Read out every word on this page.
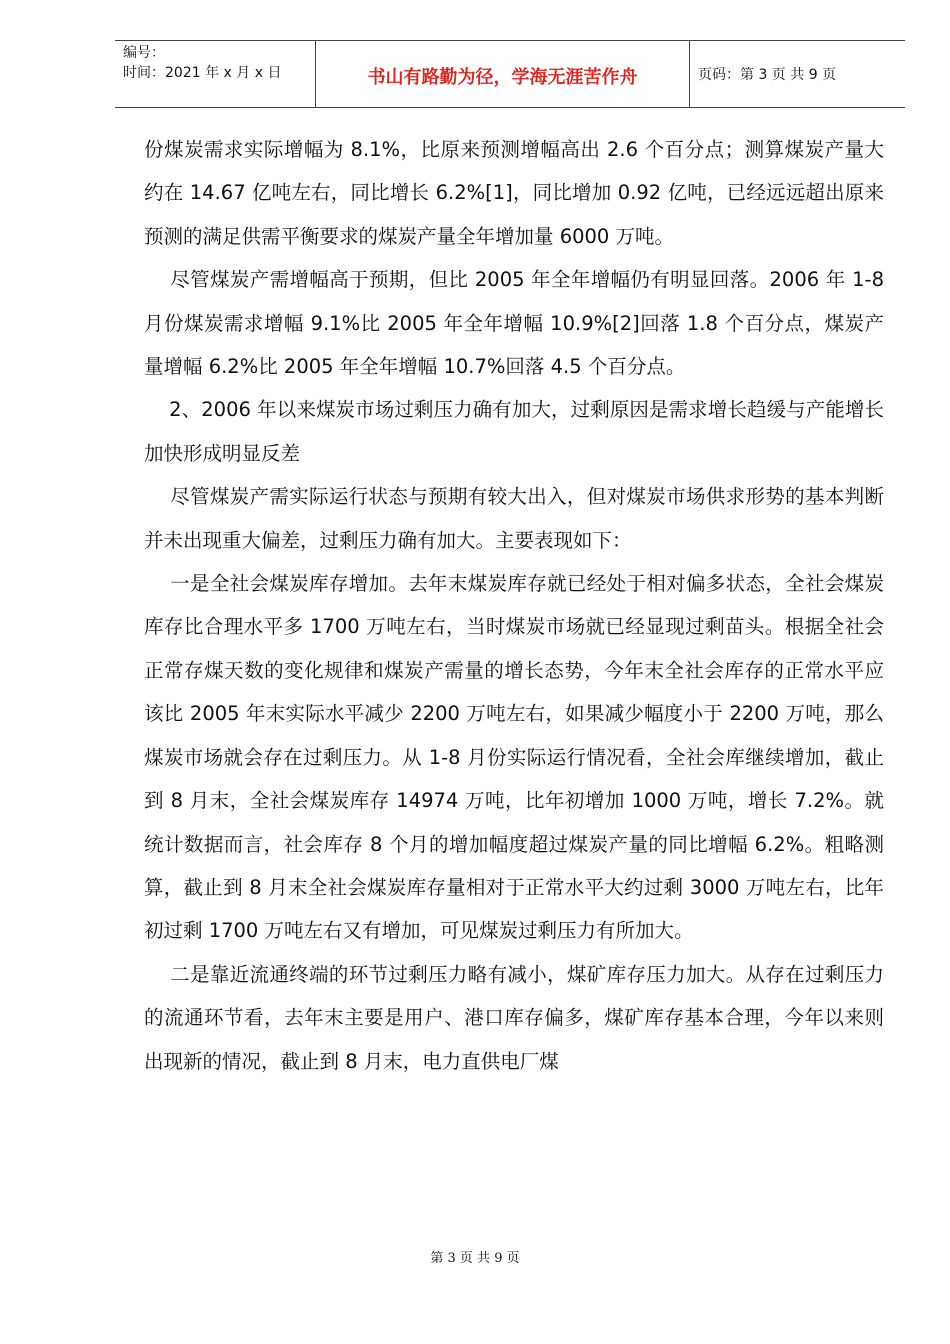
编号：
时间：2021 年 x 月 x 日	书山有路勤为径，学海无涯苦作舟	页码：第 3 页 共 9 页

份煤炭需求实际增幅为 8.1%，比原来预测增幅高出 2.6 个百分点；测算煤炭产量大约在 14.67 亿吨左右，同比增长 6.2%[1]，同比增加 0.92 亿吨，已经远远超出原来预测的满足供需平衡要求的煤炭产量全年增加量 6000 万吨。

尽管煤炭产需增幅高于预期，但比 2005 年全年增幅仍有明显回落。2006 年 1-8 月份煤炭需求增幅 9.1%比 2005 年全年增幅 10.9%[2]回落 1.8 个百分点，煤炭产量增幅 6.2%比 2005 年全年增幅 10.7%回落 4.5 个百分点。

2、2006 年以来煤炭市场过剩压力确有加大，过剩原因是需求增长趋缓与产能增长加快形成明显反差

尽管煤炭产需实际运行状态与预期有较大出入，但对煤炭市场供求形势的基本判断并未出现重大偏差，过剩压力确有加大。主要表现如下：

一是全社会煤炭库存增加。去年末煤炭库存就已经处于相对偏多状态，全社会煤炭库存比合理水平多 1700 万吨左右，当时煤炭市场就已经显现过剩苗头。根据全社会正常存煤天数的变化规律和煤炭产需量的增长态势，今年末全社会库存的正常水平应该比 2005 年末实际水平减少 2200 万吨左右，如果减少幅度小于 2200 万吨，那么煤炭市场就会存在过剩压力。从 1-8 月份实际运行情况看，全社会库继续增加，截止到 8 月末，全社会煤炭库存 14974 万吨，比年初增加 1000 万吨，增长 7.2%。就统计数据而言，社会库存 8 个月的增加幅度超过煤炭产量的同比增幅 6.2%。粗略测算，截止到 8 月末全社会煤炭库存量相对于正常水平大约过剩 3000 万吨左右，比年初过剩 1700 万吨左右又有增加，可见煤炭过剩压力有所加大。

二是靠近流通终端的环节过剩压力略有减小，煤矿库存压力加大。从存在过剩压力的流通环节看，去年末主要是用户、港口库存偏多，煤矿库存基本合理，今年以来则出现新的情况，截止到 8 月末，电力直供电厂煤

第 3 页 共 9 页
